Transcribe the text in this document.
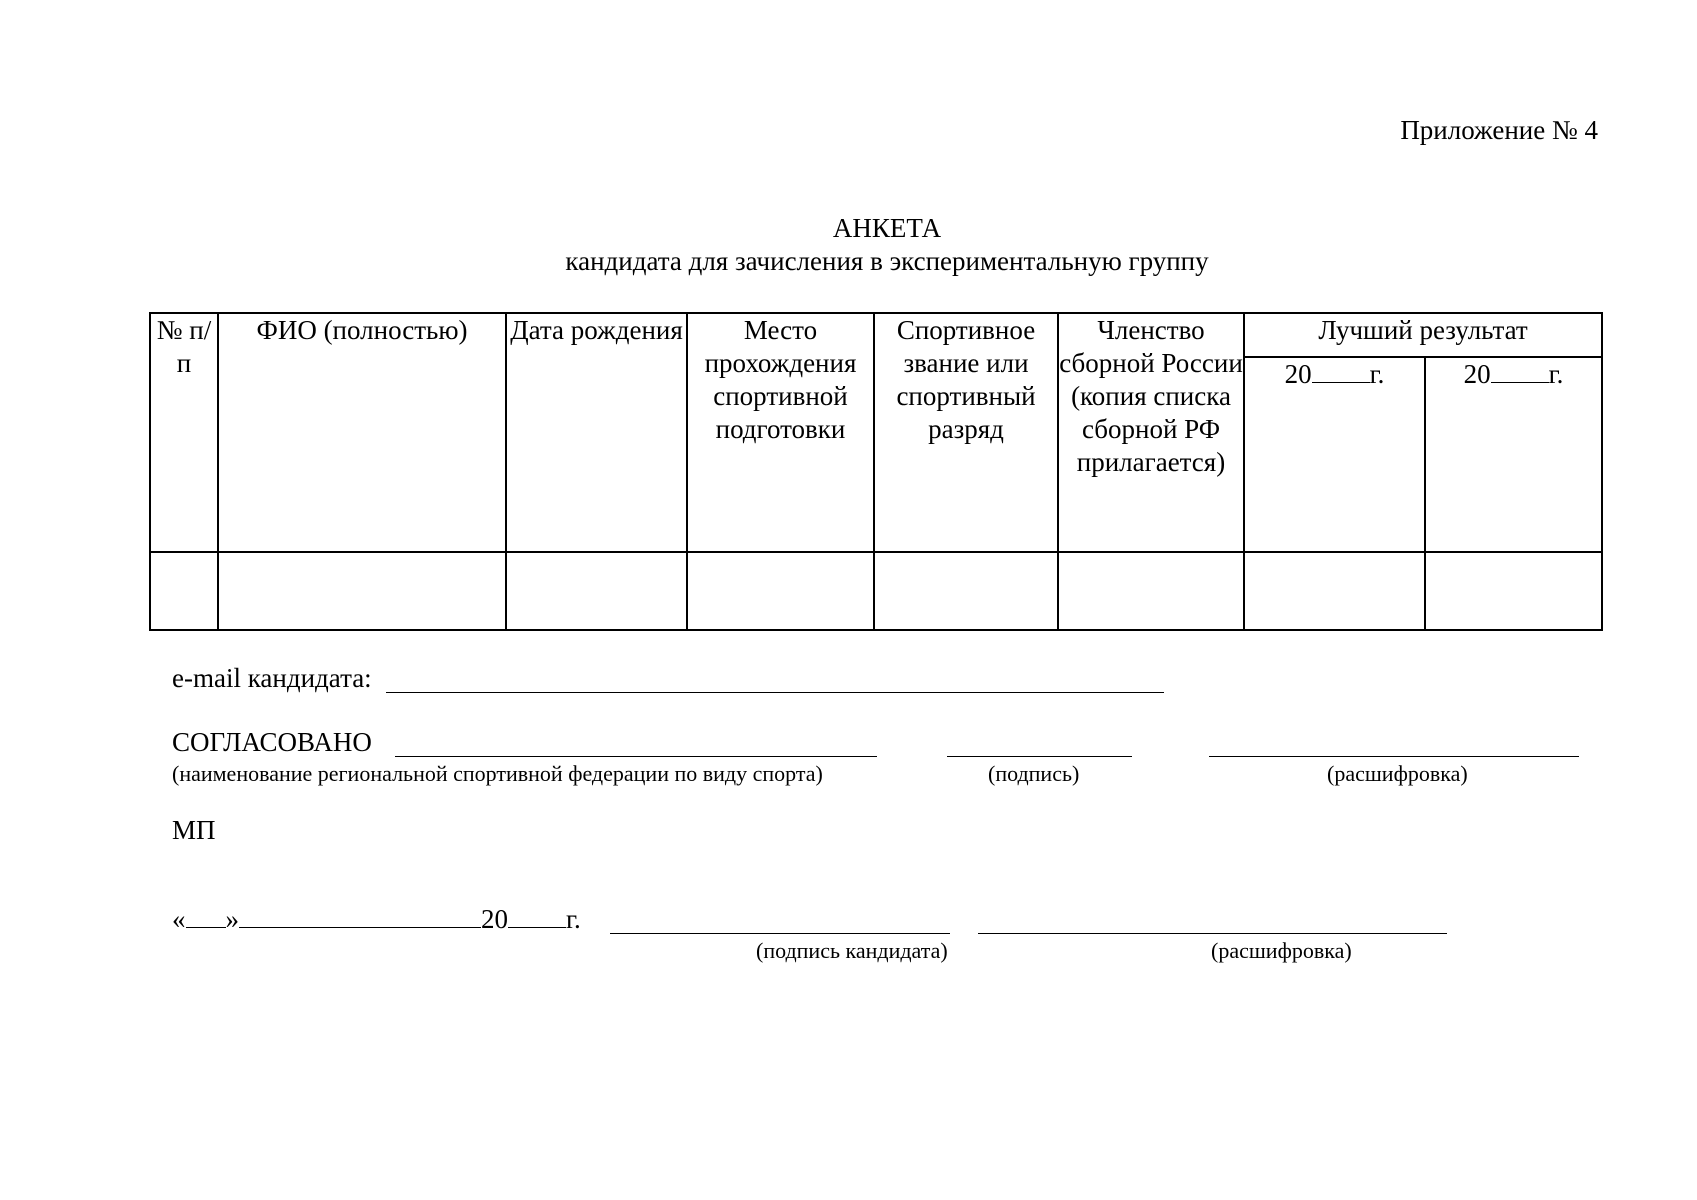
Приложение № 4
АНКЕТА
кандидата для зачисления в экспериментальную группу
№ п/п	ФИО (полностью)	Дата рождения	Место прохождения спортивной подготовки	Спортивное звание или спортивный разряд	Членство сборной России (копия списка сборной РФ прилагается)	Лучший результат	
						20 г.	20 г.

e-mail кандидата:
СОГЛАСОВАНО
(наименование региональной спортивной федерации по виду спорта)	(подпись)	(расшифровка)
МП
« »	20 г.
(подпись кандидата)	(расшифровка)
